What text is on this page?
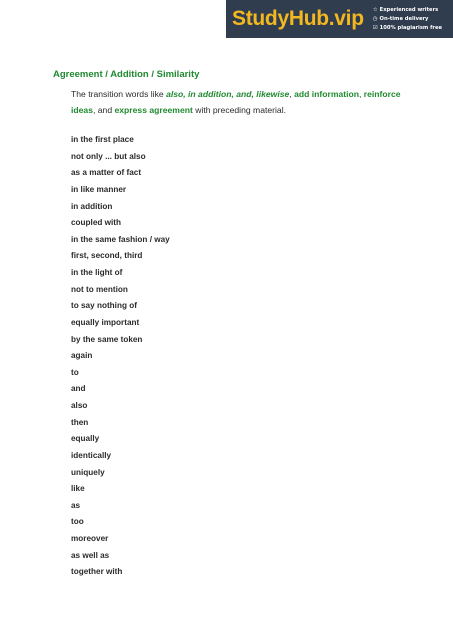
StudyHub.vip ☆ Experienced writers
◷ On-time delivery
☑ 100% plagiarism free
Agreement / Addition / Similarity

The transition words like also, in addition, and, likewise, add information, reinforce ideas, and express agreement with preceding material.

in the first place
not only ... but also
as a matter of fact
in like manner
in addition
coupled with
in the same fashion / way
first, second, third
in the light of
not to mention
to say nothing of
equally important
by the same token
again
to
and
also
then
equally
identically
uniquely
like
as
too
moreover
as well as
together with
